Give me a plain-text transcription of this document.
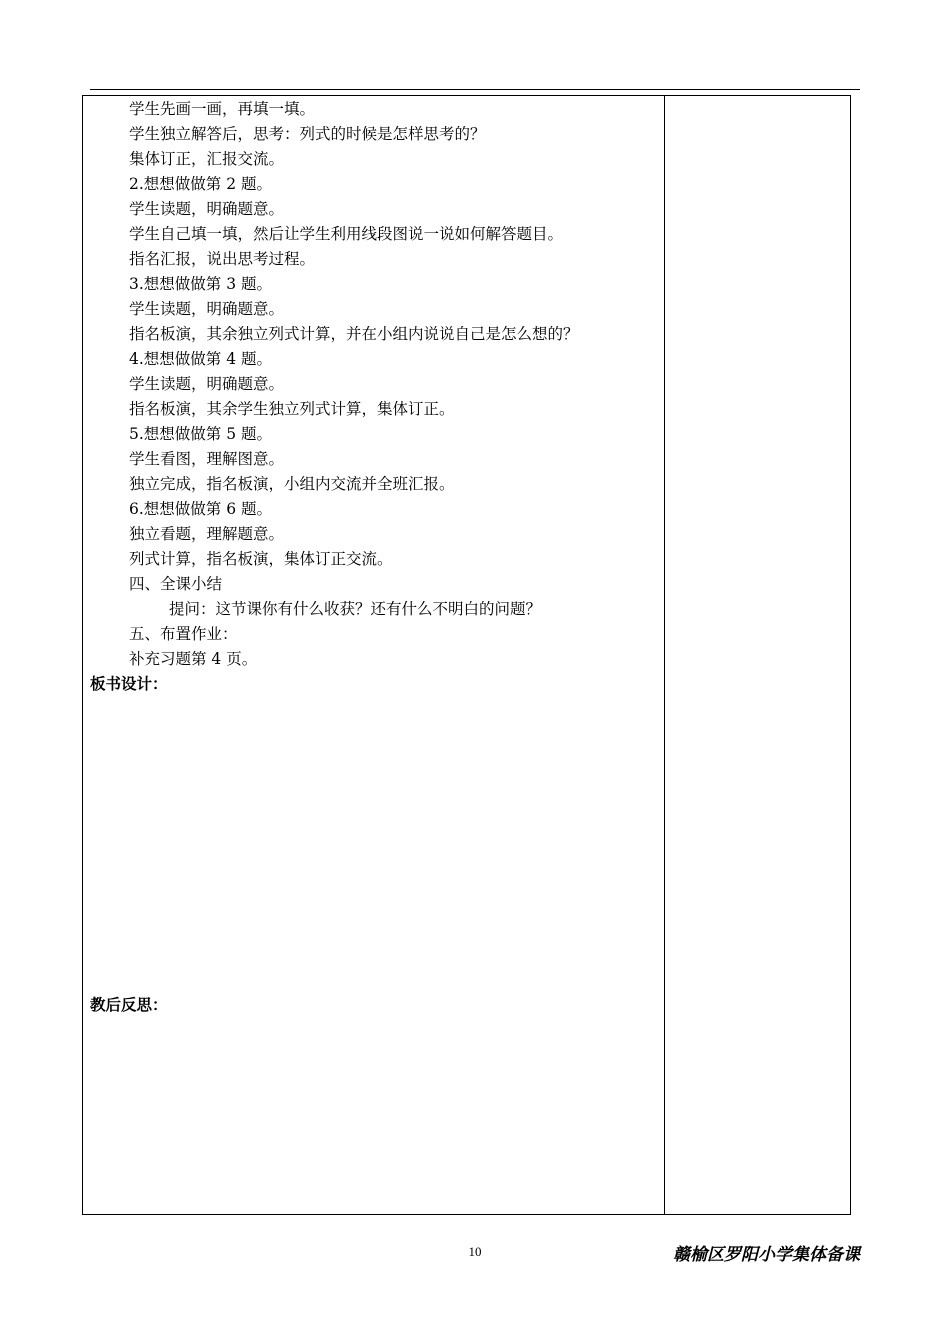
学生先画一画，再填一填。
学生独立解答后，思考：列式的时候是怎样思考的？
集体订正，汇报交流。
2.想想做做第 2 题。
学生读题，明确题意。
学生自己填一填，然后让学生利用线段图说一说如何解答题目。
指名汇报，说出思考过程。
3.想想做做第 3 题。
学生读题，明确题意。
指名板演，其余独立列式计算，并在小组内说说自己是怎么想的？
4.想想做做第 4 题。
学生读题，明确题意。
指名板演，其余学生独立列式计算，集体订正。
5.想想做做第 5 题。
学生看图，理解图意。
独立完成，指名板演，小组内交流并全班汇报。
6.想想做做第 6 题。
独立看题，理解题意。
列式计算，指名板演，集体订正交流。
四、全课小结
提问：这节课你有什么收获？还有什么不明白的问题？
五、布置作业：
补充习题第 4 页。
板书设计：
教后反思：
10	赣榆区罗阳小学集体备课
